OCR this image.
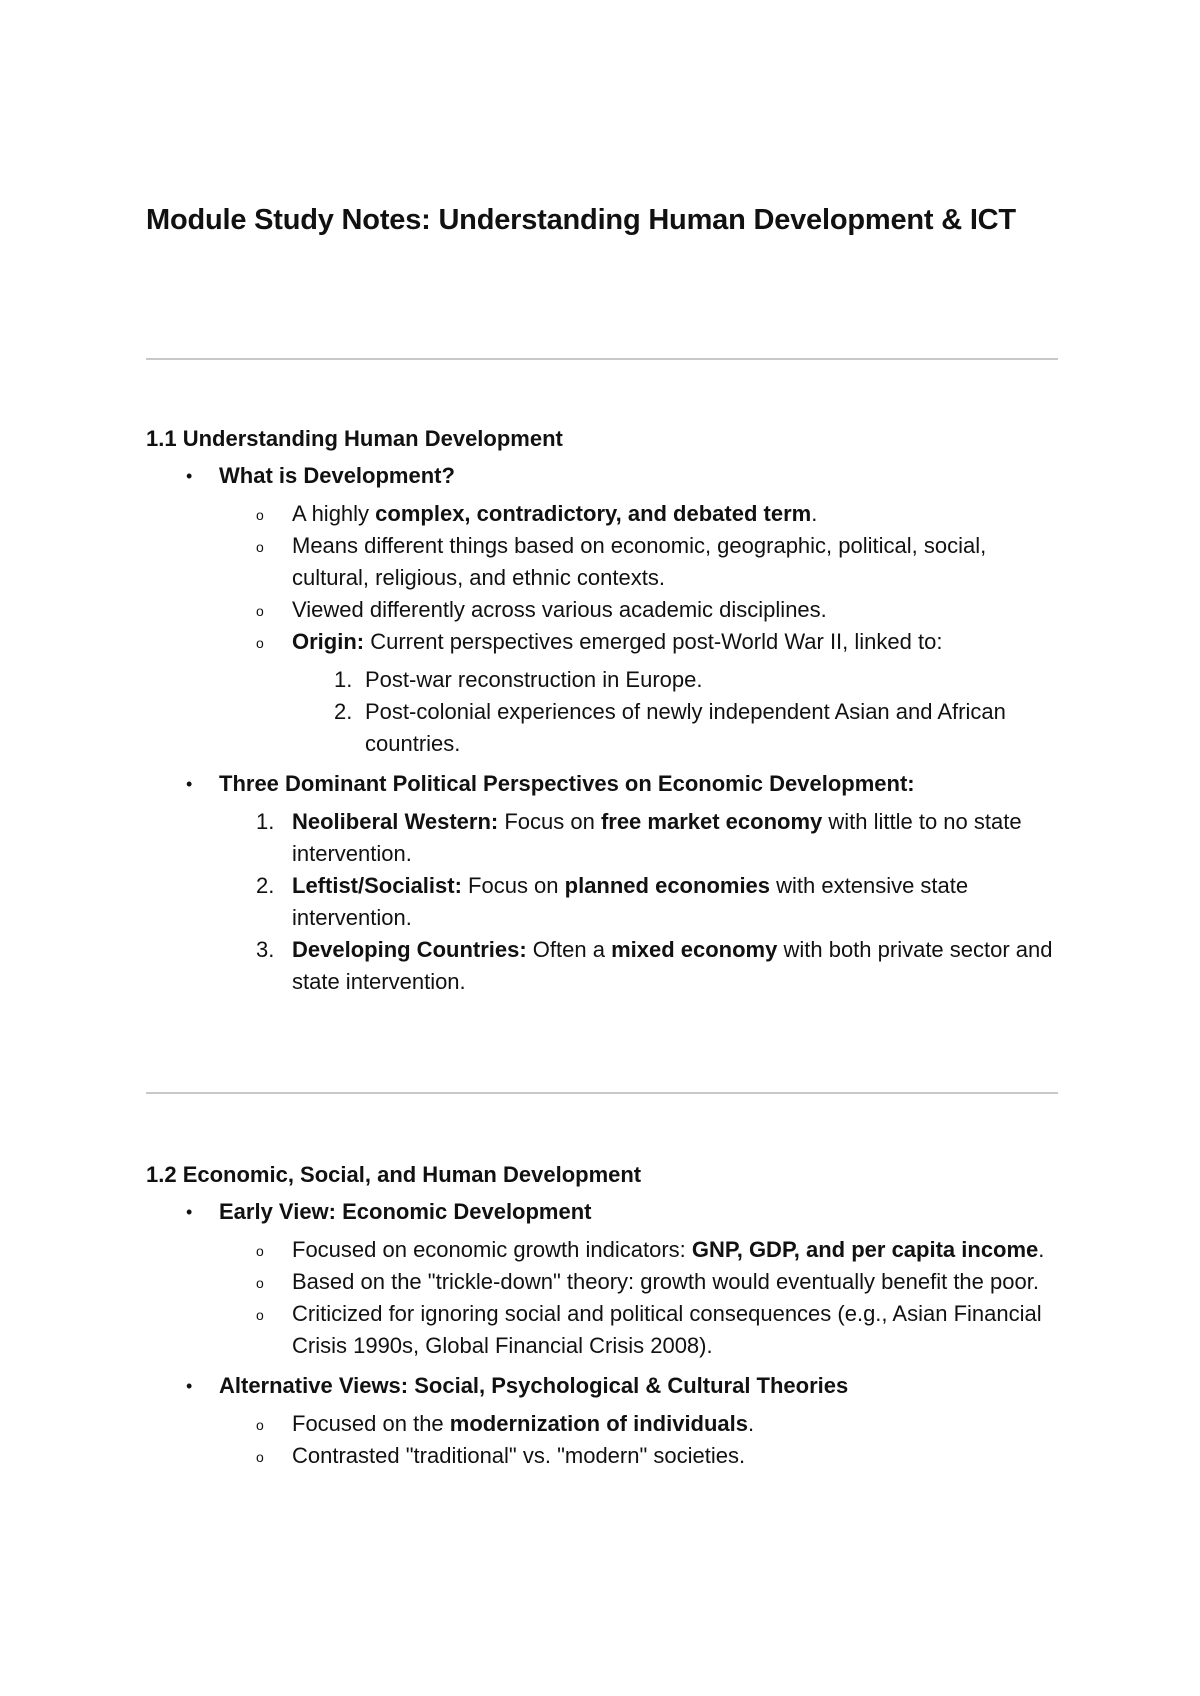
Module Study Notes: Understanding Human Development & ICT
1.1 Understanding Human Development
• What is Development?
o A highly complex, contradictory, and debated term.
o Means different things based on economic, geographic, political, social, cultural, religious, and ethnic contexts.
o Viewed differently across various academic disciplines.
o Origin: Current perspectives emerged post-World War II, linked to:
1. Post-war reconstruction in Europe.
2. Post-colonial experiences of newly independent Asian and African countries.
• Three Dominant Political Perspectives on Economic Development:
1. Neoliberal Western: Focus on free market economy with little to no state intervention.
2. Leftist/Socialist: Focus on planned economies with extensive state intervention.
3. Developing Countries: Often a mixed economy with both private sector and state intervention.
1.2 Economic, Social, and Human Development
• Early View: Economic Development
o Focused on economic growth indicators: GNP, GDP, and per capita income.
o Based on the "trickle-down" theory: growth would eventually benefit the poor.
o Criticized for ignoring social and political consequences (e.g., Asian Financial Crisis 1990s, Global Financial Crisis 2008).
• Alternative Views: Social, Psychological & Cultural Theories
o Focused on the modernization of individuals.
o Contrasted "traditional" vs. "modern" societies.
